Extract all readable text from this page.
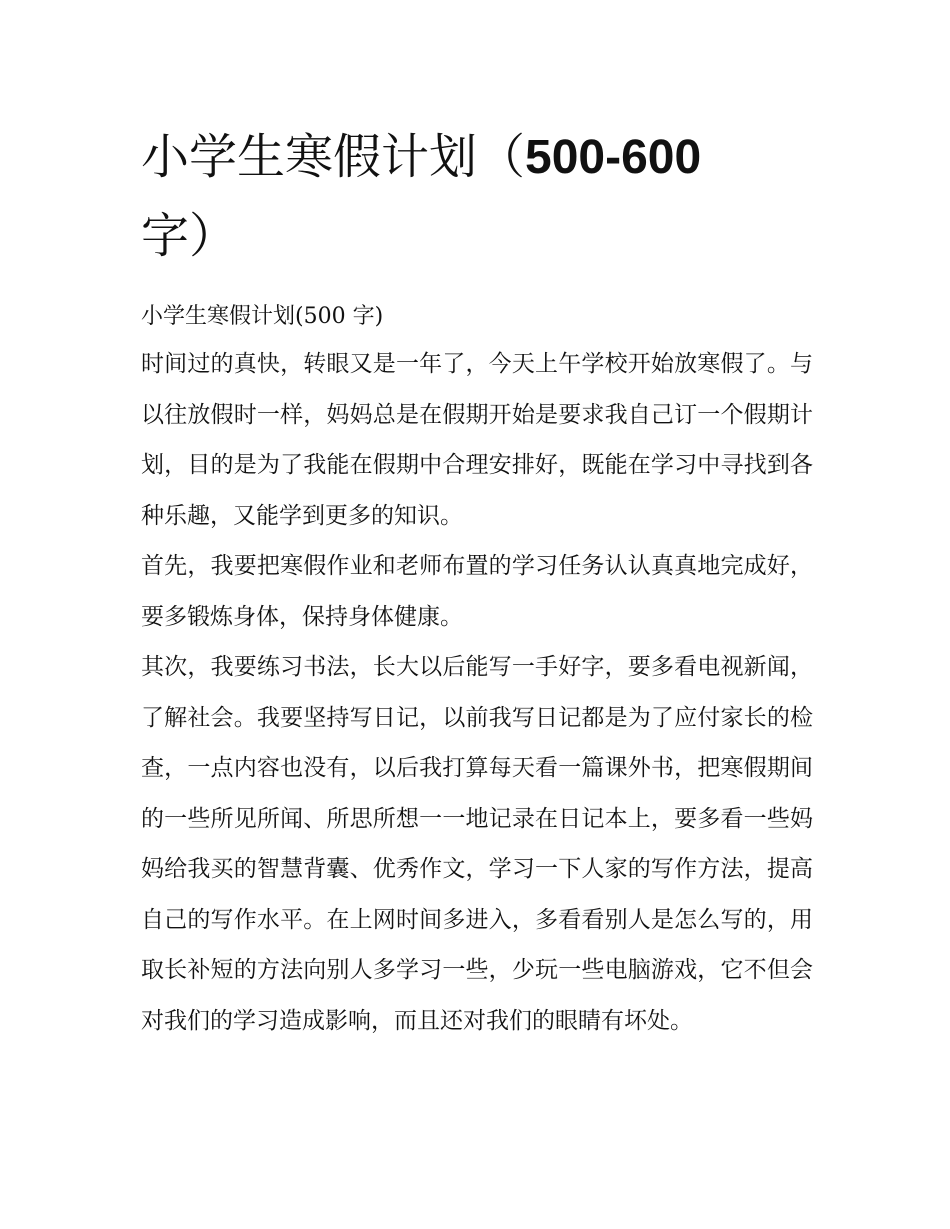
小学生寒假计划（500-600
字）

小学生寒假计划(500 字)

时间过的真快，转眼又是一年了，今天上午学校开始放寒假了。与以往放假时一样，妈妈总是在假期开始是要求我自己订一个假期计划，目的是为了我能在假期中合理安排好，既能在学习中寻找到各种乐趣，又能学到更多的知识。

首先，我要把寒假作业和老师布置的学习任务认认真真地完成好，要多锻炼身体，保持身体健康。

其次，我要练习书法，长大以后能写一手好字，要多看电视新闻，了解社会。我要坚持写日记，以前我写日记都是为了应付家长的检查，一点内容也没有，以后我打算每天看一篇课外书，把寒假期间的一些所见所闻、所思所想一一地记录在日记本上，要多看一些妈妈给我买的智慧背囊、优秀作文，学习一下人家的写作方法，提高自己的写作水平。在上网时间多进入，多看看别人是怎么写的，用取长补短的方法向别人多学习一些，少玩一些电脑游戏，它不但会对我们的学习造成影响，而且还对我们的眼睛有坏处。
